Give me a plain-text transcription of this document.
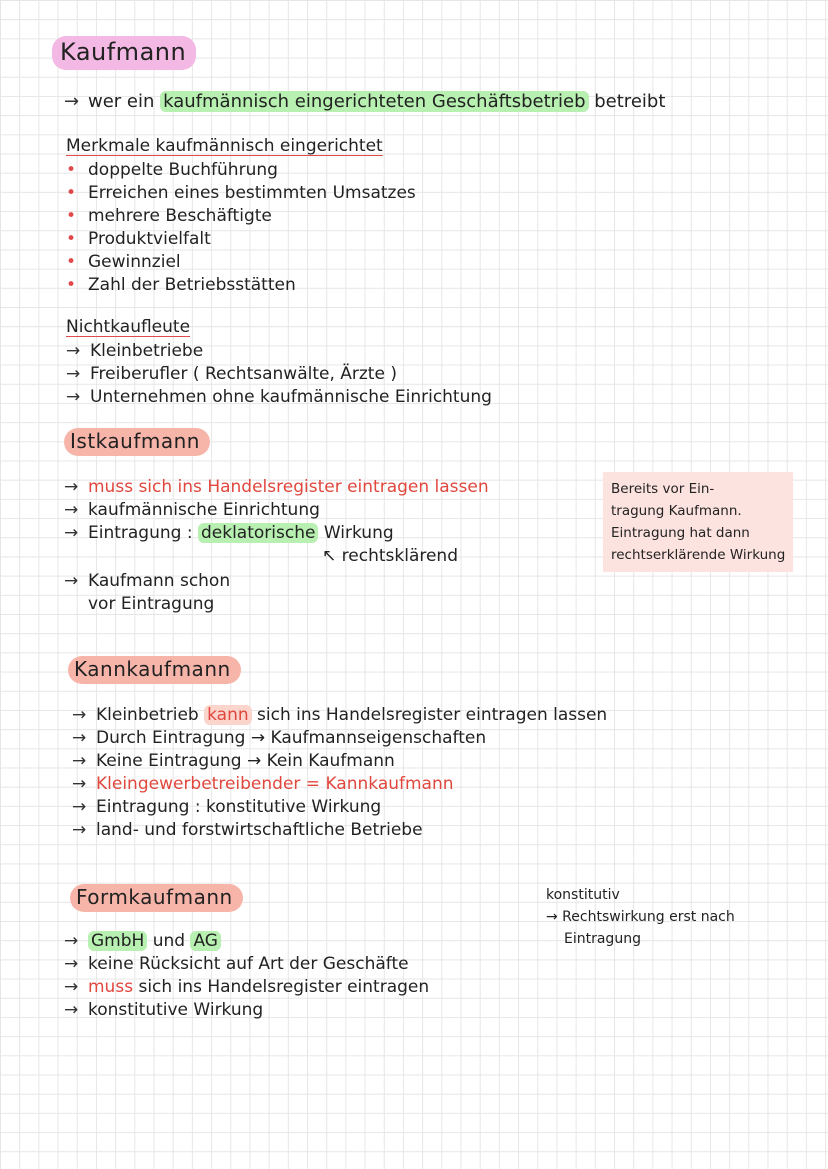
Kaufmann
→ wer ein kaufmännisch eingerichteten Geschäftsbetrieb betreibt
Merkmale kaufmännisch eingerichtet
• doppelte Buchführung
• Erreichen eines bestimmten Umsatzes
• mehrere Beschäftigte
• Produktvielfalt
• Gewinnziel
• Zahl der Betriebsstätten
Nichtkaufleute
→ Kleinbetriebe
→ Freiberufler ( Rechtsanwälte, Ärzte )
→ Unternehmen ohne kaufmännische Einrichtung
Istkaufmann
→ muss sich ins Handelsregister eintragen lassen
→ kaufmännische Einrichtung
→ Eintragung : deklatorische Wirkung
↖ rechtsklärend
→ Kaufmann schon
vor Eintragung
Bereits vor Ein-
tragung Kaufmann.
Eintragung hat dann
rechtserklärende Wirkung
Kannkaufmann
→ Kleinbetrieb kann sich ins Handelsregister eintragen lassen
→ Durch Eintragung → Kaufmannseigenschaften
→ Keine Eintragung → Kein Kaufmann
→ Kleingewerbetreibender = Kannkaufmann
→ Eintragung : konstitutive Wirkung
→ land- und forstwirtschaftliche Betriebe
Formkaufmann
→ GmbH und AG
→ keine Rücksicht auf Art der Geschäfte
→ muss sich ins Handelsregister eintragen
→ konstitutive Wirkung
konstitutiv
→ Rechtswirkung erst nach
Eintragung
